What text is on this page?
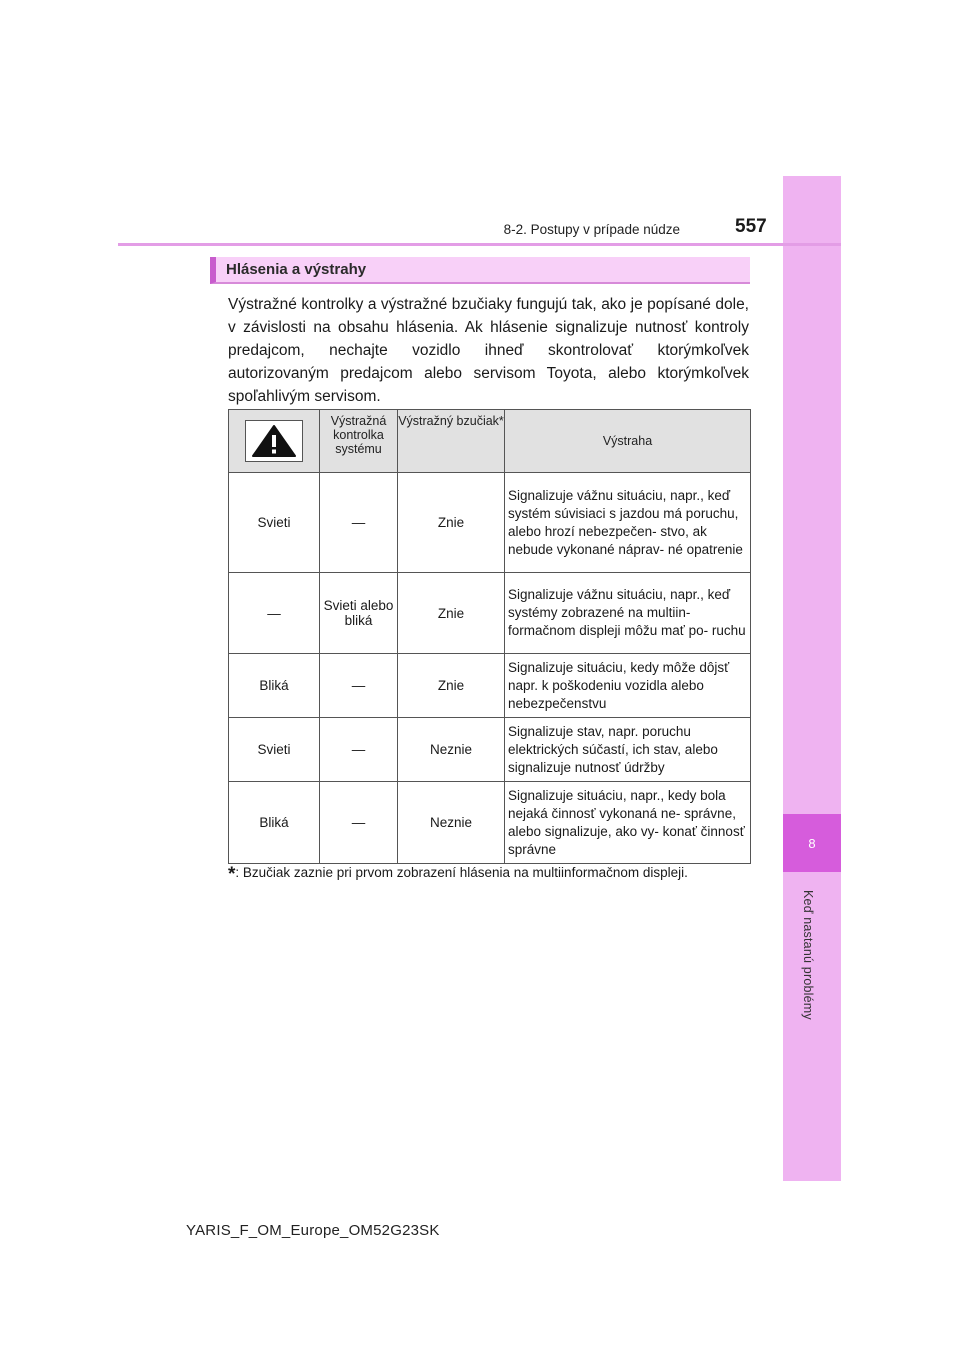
8
Keď nastanú problémy
8-2. Postupy v prípade núdze	557
Hlásenia a výstrahy

Výstražné kontrolky a výstražné bzučiaky fungujú tak, ako je popísané dole, v závislosti na obsahu hlásenia. Ak hlásenie signalizuje nutnosť kontroly predajcom, nechajte vozidlo ihneď skontrolovať ktorýmkoľvek autorizovaným predajcom alebo servisom Toyota, alebo ktorýmkoľvek spoľahlivým servisom.

	Výstražná kontrolka systému	Výstražný bzučiak*	Výstraha
Svieti	—	Znie	Signalizuje vážnu situáciu, napr., keď systém súvisiaci s jazdou má poruchu, alebo hrozí nebezpečen- stvo, ak nebude vykonané náprav- né opatrenie
—	Svieti alebo bliká	Znie	Signalizuje vážnu situáciu, napr., keď systémy zobrazené na multiin- formačnom displeji môžu mať po- ruchu
Bliká	—	Znie	Signalizuje situáciu, kedy môže dôjsť napr. k poškodeniu vozidla alebo nebezpečenstvu
Svieti	—	Neznie	Signalizuje stav, napr. poruchu elektrických súčastí, ich stav, alebo signalizuje nutnosť údržby
Bliká	—	Neznie	Signalizuje situáciu, napr., kedy bola nejaká činnosť vykonaná ne- správne, alebo signalizuje, ako vy- konať činnosť správne
*: Bzučiak zaznie pri prvom zobrazení hlásenia na multiinformačnom displeji.
YARIS_F_OM_Europe_OM52G23SK
